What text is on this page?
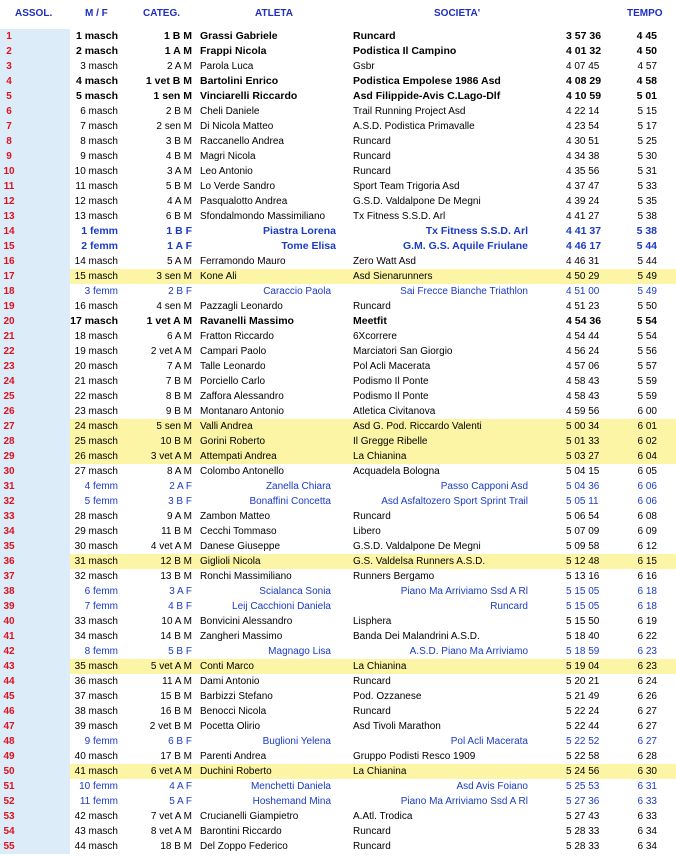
ASSOL.	M / F	CATEG.	ATLETA	SOCIETA'	TEMPO
1	1 masch	1 B M Grassi Gabriele	Runcard	3 57 36	4 45
2	2 masch	1 A M Frappi Nicola	Podistica Il Campino	4 01 32	4 50
3	3 masch	2 A M Parola Luca	Gsbr	4 07 45	4 57
4	4 masch	1 vet B M Bartolini Enrico	Podistica Empolese 1986 Asd	4 08 29	4 58
5	5 masch	1 sen M Vinciarelli Riccardo	Asd Filippide-Avis C.Lago-Dlf	4 10 59	5 01
6	6 masch	2 B M Cheli Daniele	Trail Running Project Asd	4 22 14	5 15
7	7 masch	2 sen M Di Nicola Matteo	A.S.D. Podistica Primavalle	4 23 54	5 17
8	8 masch	3 B M Raccanello Andrea	Runcard	4 30 51	5 25
9	9 masch	4 B M Magri Nicola	Runcard	4 34 38	5 30
10	10 masch	3 A M Leo Antonio	Runcard	4 35 56	5 31
11	11 masch	5 B M Lo Verde Sandro	Sport Team Trigoria Asd	4 37 47	5 33
12	12 masch	4 A M Pasqualotto Andrea	G.S.D. Valdalpone De Megni	4 39 24	5 35
13	13 masch	6 B M Sfondalmondo Massimiliano	Tx Fitness S.S.D. Arl	4 41 27	5 38
14	1 femm	1 B F	Piastra Lorena	Tx Fitness S.S.D. Arl	4 41 37	5 38
15	2 femm	1 A F	Tome Elisa	G.M. G.S. Aquile Friulane	4 46 17	5 44
16	14 masch	5 A M Ferramondo Mauro	Zero Watt Asd	4 46 31	5 44
17	15 masch	3 sen M Kone Ali	Asd Sienarunners	4 50 29	5 49
18	3 femm	2 B F	Caraccio Paola	Sai Frecce Bianche Triathlon	4 51 00	5 49
19	16 masch	4 sen M Pazzagli Leonardo	Runcard	4 51 23	5 50
20	17 masch	1 vet A M Ravanelli Massimo	Meetfit	4 54 36	5 54
21	18 masch	6 A M Fratton Riccardo	6Xcorrere	4 54 44	5 54
22	19 masch	2 vet A M Campari Paolo	Marciatori San Giorgio	4 56 24	5 56
23	20 masch	7 A M Talle Leonardo	Pol Acli Macerata	4 57 06	5 57
24	21 masch	7 B M Porciello Carlo	Podismo Il Ponte	4 58 43	5 59
25	22 masch	8 B M Zaffora Alessandro	Podismo Il Ponte	4 58 43	5 59
26	23 masch	9 B M Montanaro Antonio	Atletica Civitanova	4 59 56	6 00
27	24 masch	5 sen M Valli Andrea	Asd G. Pod. Riccardo Valenti	5 00 34	6 01
28	25 masch	10 B M Gorini Roberto	Il Gregge Ribelle	5 01 33	6 02
29	26 masch	3 vet A M Attempati Andrea	La Chianina	5 03 27	6 04
30	27 masch	8 A M Colombo Antonello	Acquadela Bologna	5 04 15	6 05
31	4 femm	2 A F	Zanella Chiara	Passo Capponi Asd	5 04 36	6 06
32	5 femm	3 B F	Bonaffini Concetta	Asd Asfaltozero Sport Sprint Trail	5 05 11	6 06
33	28 masch	9 A M Zambon Matteo	Runcard	5 06 54	6 08
34	29 masch	11 B M Cecchi Tommaso	Libero	5 07 09	6 09
35	30 masch	4 vet A M Danese Giuseppe	G.S.D. Valdalpone De Megni	5 09 58	6 12
36	31 masch	12 B M Giglioli Nicola	G.S. Valdelsa Runners A.S.D.	5 12 48	6 15
37	32 masch	13 B M Ronchi Massimiliano	Runners Bergamo	5 13 16	6 16
38	6 femm	3 A F	Scialanca Sonia	Piano Ma Arriviamo Ssd A Rl	5 15 05	6 18
39	7 femm	4 B F	Leij Cacchioni Daniela	Runcard	5 15 05	6 18
40	33 masch	10 A M Bonvicini Alessandro	Lisphera	5 15 50	6 19
41	34 masch	14 B M Zangheri Massimo	Banda Dei Malandrini A.S.D.	5 18 40	6 22
42	8 femm	5 B F	Magnago Lisa	A.S.D. Piano Ma Arriviamo	5 18 59	6 23
43	35 masch	5 vet A M Conti Marco	La Chianina	5 19 04	6 23
44	36 masch	11 A M Dami Antonio	Runcard	5 20 21	6 24
45	37 masch	15 B M Barbizzi Stefano	Pod. Ozzanese	5 21 49	6 26
46	38 masch	16 B M Benocci Nicola	Runcard	5 22 24	6 27
47	39 masch	2 vet B M Pocetta Olirio	Asd Tivoli Marathon	5 22 44	6 27
48	9 femm	6 B F	Buglioni Yelena	Pol Acli Macerata	5 22 52	6 27
49	40 masch	17 B M Parenti Andrea	Gruppo Podisti Resco 1909	5 22 58	6 28
50	41 masch	6 vet A M Duchini Roberto	La Chianina	5 24 56	6 30
51	10 femm	4 A F	Menchetti Daniela	Asd Avis Foiano	5 25 53	6 31
52	11 femm	5 A F	Hoshemand Mina	Piano Ma Arriviamo Ssd A Rl	5 27 36	6 33
53	42 masch	7 vet A M Crucianelli Giampietro	A.Atl. Trodica	5 27 43	6 33
54	43 masch	8 vet A M Barontini Riccardo	Runcard	5 28 33	6 34
55	44 masch	18 B M Del Zoppo Federico	Runcard	5 28 33	6 34
